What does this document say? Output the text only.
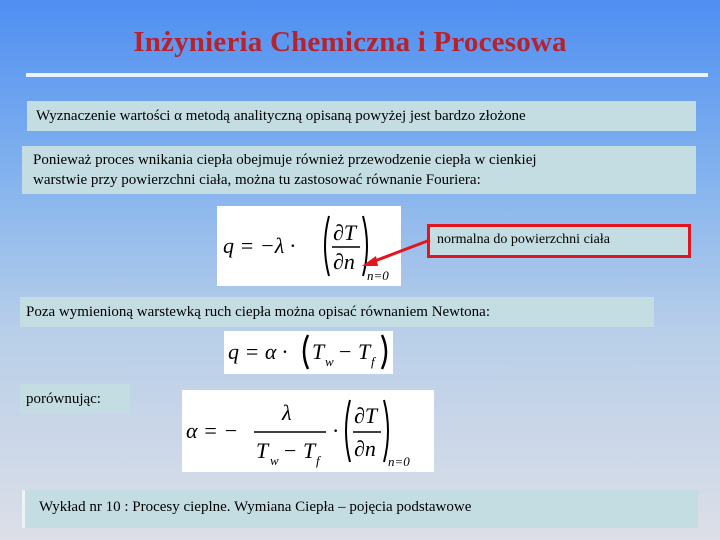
Inżynieria Chemiczna i Procesowa
Wyznaczenie wartości α metodą analityczną opisaną powyżej jest bardzo złożone
Ponieważ proces wnikania ciepła obejmuje również przewodzenie ciepła w cienkiej
warstwie przy powierzchni ciała, można tu zastosować równanie Fouriera:
q = −λ ·
∂T
∂n
n=0
normalna do powierzchni ciała
Poza wymienioną warstewką ruch ciepła można opisać równaniem Newtona:
q = α · T w − T f
porównując:
α = −
λ
T w − T f
·
∂T
∂n
n=0
Wykład nr 10 : Procesy cieplne. Wymiana Ciepła – pojęcia podstawowe
